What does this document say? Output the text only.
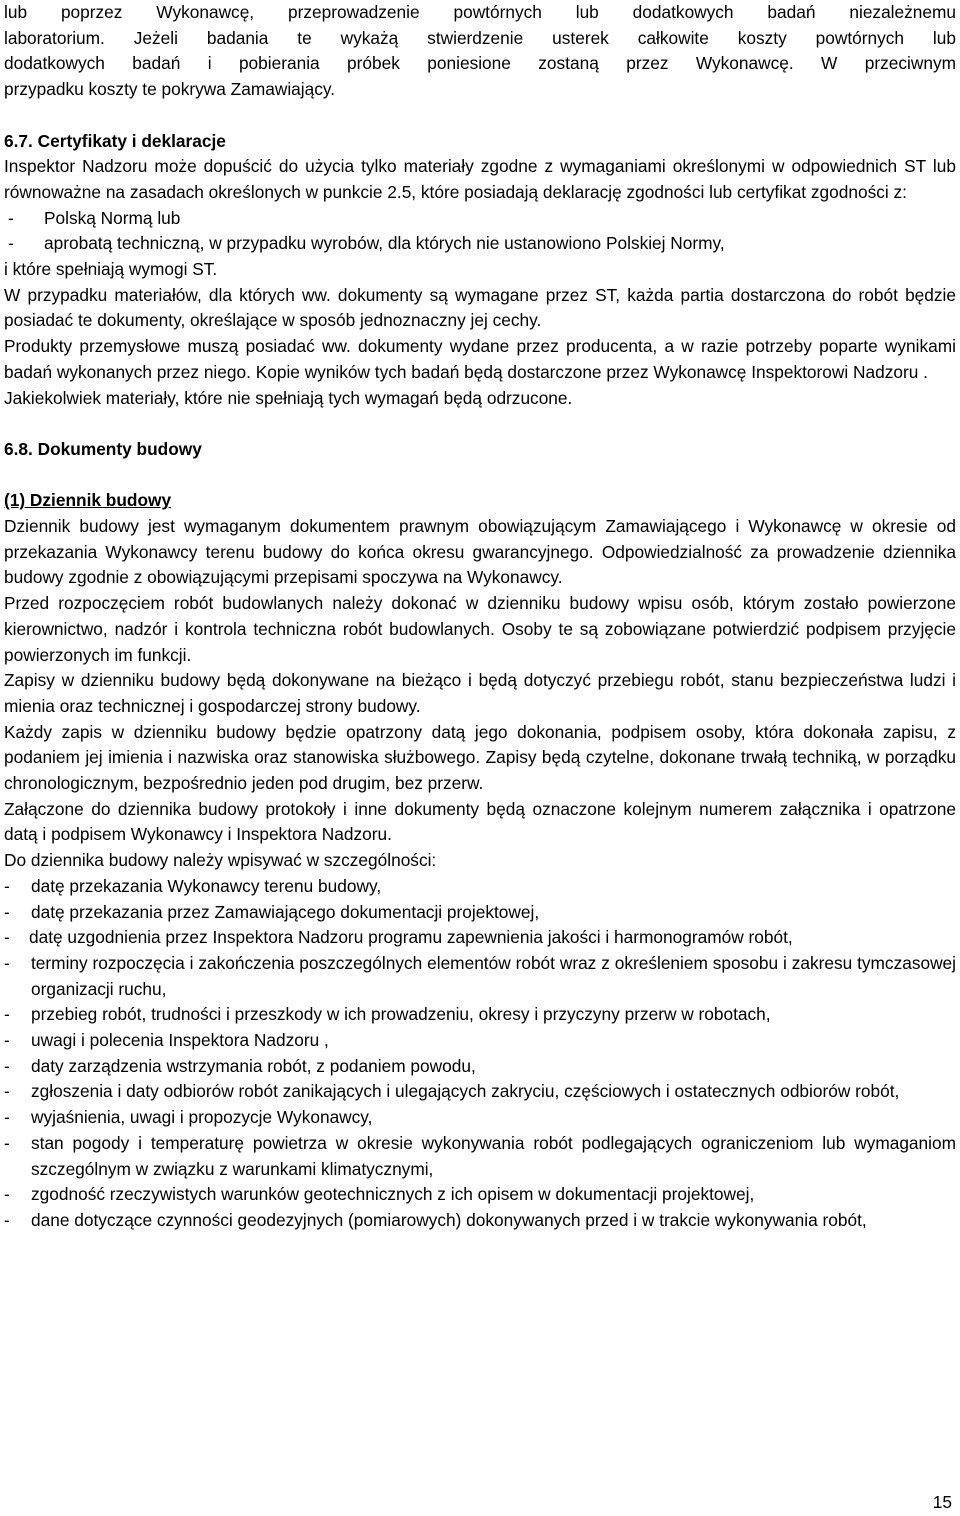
lub poprzez Wykonawcę, przeprowadzenie powtórnych lub dodatkowych badań niezależnemu

laboratorium. Jeżeli badania te wykażą stwierdzenie usterek całkowite koszty powtórnych lub

dodatkowych badań i pobierania próbek poniesione zostaną przez Wykonawcę. W przeciwnym

przypadku koszty te pokrywa Zamawiający.

6.7. Certyfikaty i deklaracje

Inspektor Nadzoru może dopuścić do użycia tylko materiały zgodne z wymaganiami określonymi w odpowiednich ST lub równoważne na zasadach określonych w punkcie 2.5, które posiadają deklarację zgodności lub certyfikat zgodności z:

-	Polską Normą lub
-	aprobatą techniczną, w przypadku wyrobów, dla których nie ustanowiono Polskiej Normy,

i które spełniają wymogi ST.

W przypadku materiałów, dla których ww. dokumenty są wymagane przez ST, każda partia dostarczona do robót będzie posiadać te dokumenty, określające w sposób jednoznaczny jej cechy.

Produkty przemysłowe muszą posiadać ww. dokumenty wydane przez producenta, a w razie potrzeby poparte wynikami badań wykonanych przez niego. Kopie wyników tych badań będą dostarczone przez Wykonawcę Inspektorowi Nadzoru .

Jakiekolwiek materiały, które nie spełniają tych wymagań będą odrzucone.

6.8. Dokumenty budowy

(1) Dziennik budowy

Dziennik budowy jest wymaganym dokumentem prawnym obowiązującym Zamawiającego i Wykonawcę w okresie od przekazania Wykonawcy terenu budowy do końca okresu gwarancyjnego. Odpowiedzialność za prowadzenie dziennika budowy zgodnie z obowiązującymi przepisami spoczywa na Wykonawcy.

Przed rozpoczęciem robót budowlanych należy dokonać w dzienniku budowy wpisu osób, którym zostało powierzone kierownictwo, nadzór i kontrola techniczna robót budowlanych. Osoby te są zobowiązane potwierdzić podpisem przyjęcie powierzonych im funkcji.

Zapisy w dzienniku budowy będą dokonywane na bieżąco i będą dotyczyć przebiegu robót, stanu bezpieczeństwa ludzi i mienia oraz technicznej i gospodarczej strony budowy.

Każdy zapis w dzienniku budowy będzie opatrzony datą jego dokonania, podpisem osoby, która dokonała zapisu, z podaniem jej imienia i nazwiska oraz stanowiska służbowego. Zapisy będą czytelne, dokonane trwałą techniką, w porządku chronologicznym, bezpośrednio jeden pod drugim, bez przerw.

Załączone do dziennika budowy protokoły i inne dokumenty będą oznaczone kolejnym numerem załącznika i opatrzone datą i podpisem Wykonawcy i Inspektora Nadzoru.

Do dziennika budowy należy wpisywać w szczególności:

-	datę przekazania Wykonawcy terenu budowy,
-	datę przekazania przez Zamawiającego dokumentacji projektowej,

- datę uzgodnienia przez Inspektora Nadzoru programu zapewnienia jakości i harmonogramów robót,

-	terminy rozpoczęcia i zakończenia poszczególnych elementów robót wraz z określeniem sposobu i zakresu tymczasowej organizacji ruchu,
-	przebieg robót, trudności i przeszkody w ich prowadzeniu, okresy i przyczyny przerw w robotach,
-	uwagi i polecenia Inspektora Nadzoru ,
-	daty zarządzenia wstrzymania robót, z podaniem powodu,
-	zgłoszenia i daty odbiorów robót zanikających i ulegających zakryciu, częściowych i ostatecznych odbiorów robót,
-	wyjaśnienia, uwagi i propozycje Wykonawcy,
-	stan pogody i temperaturę powietrza w okresie wykonywania robót podlegających ograniczeniom lub wymaganiom szczególnym w związku z warunkami klimatycznymi,
-	zgodność rzeczywistych warunków geotechnicznych z ich opisem w dokumentacji projektowej,
-	dane dotyczące czynności geodezyjnych (pomiarowych) dokonywanych przed i w trakcie wykonywania robót,
15
